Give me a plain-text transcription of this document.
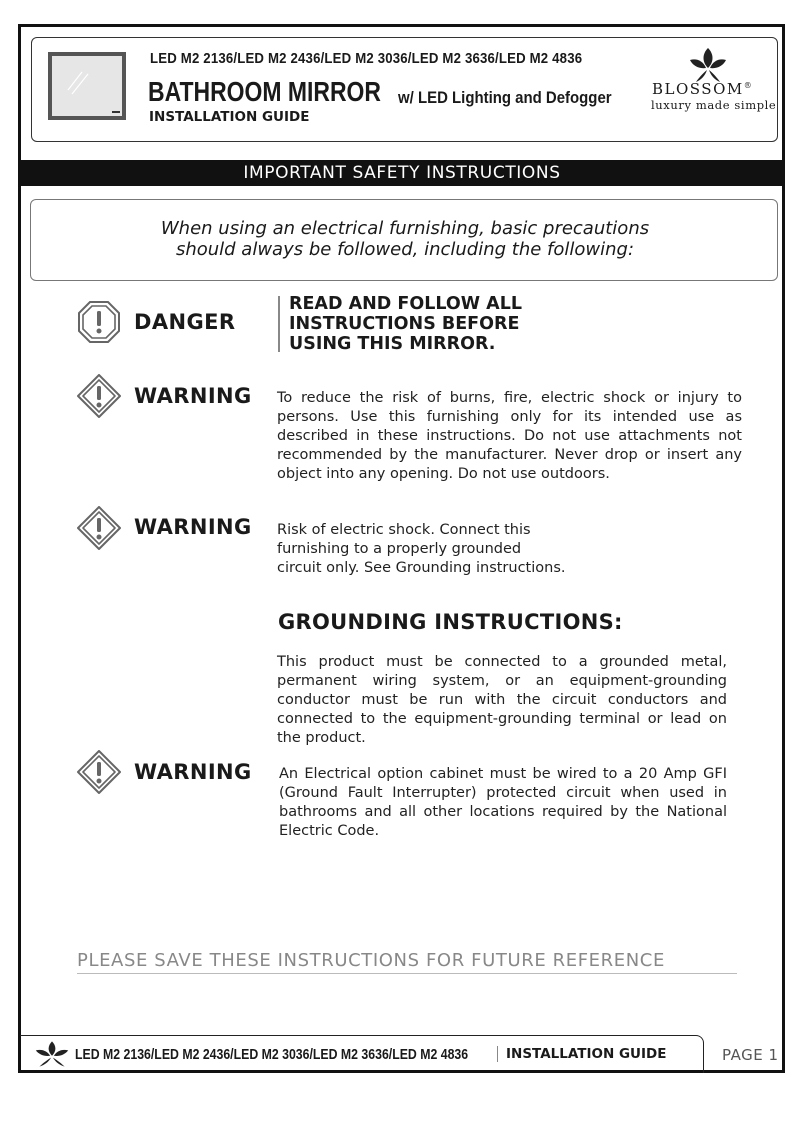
LED M2 2136/LED M2 2436/LED M2 3036/LED M2 3636/LED M2 4836
BATHROOM MIRROR w/ LED Lighting and Defogger
INSTALLATION GUIDE
BLOSSOM®
luxury made simple
IMPORTANT SAFETY INSTRUCTIONS
When using an electrical furnishing, basic precautions
should always be followed, including the following:
DANGER
READ AND FOLLOW ALL
INSTRUCTIONS BEFORE
USING THIS MIRROR.
WARNING To reduce the risk of burns, fire, electric shock or injury to persons. Use this furnishing only for its intended use as described in these instructions. Do not use attachments not recommended by the manufacturer. Never drop or insert any object into any opening. Do not use outdoors.
WARNING Risk of electric shock. Connect this
furnishing to a properly grounded
circuit only. See Grounding instructions.
GROUNDING INSTRUCTIONS:
This product must be connected to a grounded metal, permanent wiring system, or an equipment-grounding conductor must be run with the circuit conductors and connected to the equipment-grounding terminal or lead on the product.
WARNING An Electrical option cabinet must be wired to a 20 Amp GFI (Ground Fault Interrupter) protected circuit when used in bathrooms and all other locations required by the National Electric Code.
PLEASE SAVE THESE INSTRUCTIONS FOR FUTURE REFERENCE
LED M2 2136/LED M2 2436/LED M2 3036/LED M2 3636/LED M2 4836	INSTALLATION GUIDE	PAGE 1
